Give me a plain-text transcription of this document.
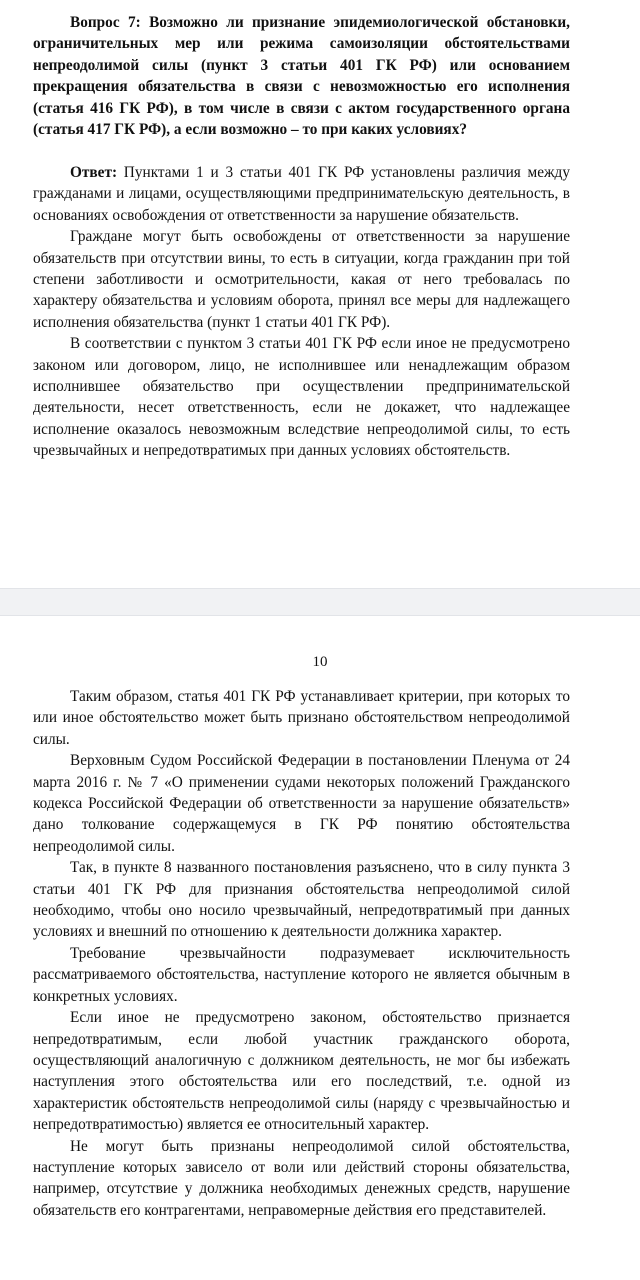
Вопрос 7: Возможно ли признание эпидемиологической обстановки, ограничительных мер или режима самоизоляции обстоятельствами непреодолимой силы (пункт 3 статьи 401 ГК РФ) или основанием прекращения обязательства в связи с невозможностью его исполнения (статья 416 ГК РФ), в том числе в связи с актом государственного органа (статья 417 ГК РФ), а если возможно – то при каких условиях?

Ответ: Пунктами 1 и 3 статьи 401 ГК РФ установлены различия между гражданами и лицами, осуществляющими предпринимательскую деятельность, в основаниях освобождения от ответственности за нарушение обязательств.

Граждане могут быть освобождены от ответственности за нарушение обязательств при отсутствии вины, то есть в ситуации, когда гражданин при той степени заботливости и осмотрительности, какая от него требовалась по характеру обязательства и условиям оборота, принял все меры для надлежащего исполнения обязательства (пункт 1 статьи 401 ГК РФ).

В соответствии с пунктом 3 статьи 401 ГК РФ если иное не предусмотрено законом или договором, лицо, не исполнившее или ненадлежащим образом исполнившее обязательство при осуществлении предпринимательской деятельности, несет ответственность, если не докажет, что надлежащее исполнение оказалось невозможным вследствие непреодолимой силы, то есть чрезвычайных и непредотвратимых при данных условиях обстоятельств.

10

Таким образом, статья 401 ГК РФ устанавливает критерии, при которых то или иное обстоятельство может быть признано обстоятельством непреодолимой силы.

Верховным Судом Российской Федерации в постановлении Пленума от 24 марта 2016 г. № 7 «О применении судами некоторых положений Гражданского кодекса Российской Федерации об ответственности за нарушение обязательств» дано толкование содержащемуся в ГК РФ понятию обстоятельства непреодолимой силы.

Так, в пункте 8 названного постановления разъяснено, что в силу пункта 3 статьи 401 ГК РФ для признания обстоятельства непреодолимой силой необходимо, чтобы оно носило чрезвычайный, непредотвратимый при данных условиях и внешний по отношению к деятельности должника характер.

Требование чрезвычайности подразумевает исключительность рассматриваемого обстоятельства, наступление которого не является обычным в конкретных условиях.

Если иное не предусмотрено законом, обстоятельство признается непредотвратимым, если любой участник гражданского оборота, осуществляющий аналогичную с должником деятельность, не мог бы избежать наступления этого обстоятельства или его последствий, т.е. одной из характеристик обстоятельств непреодолимой силы (наряду с чрезвычайностью и непредотвратимостью) является ее относительный характер.

Не могут быть признаны непреодолимой силой обстоятельства, наступление которых зависело от воли или действий стороны обязательства, например, отсутствие у должника необходимых денежных средств, нарушение обязательств его контрагентами, неправомерные действия его представителей.
